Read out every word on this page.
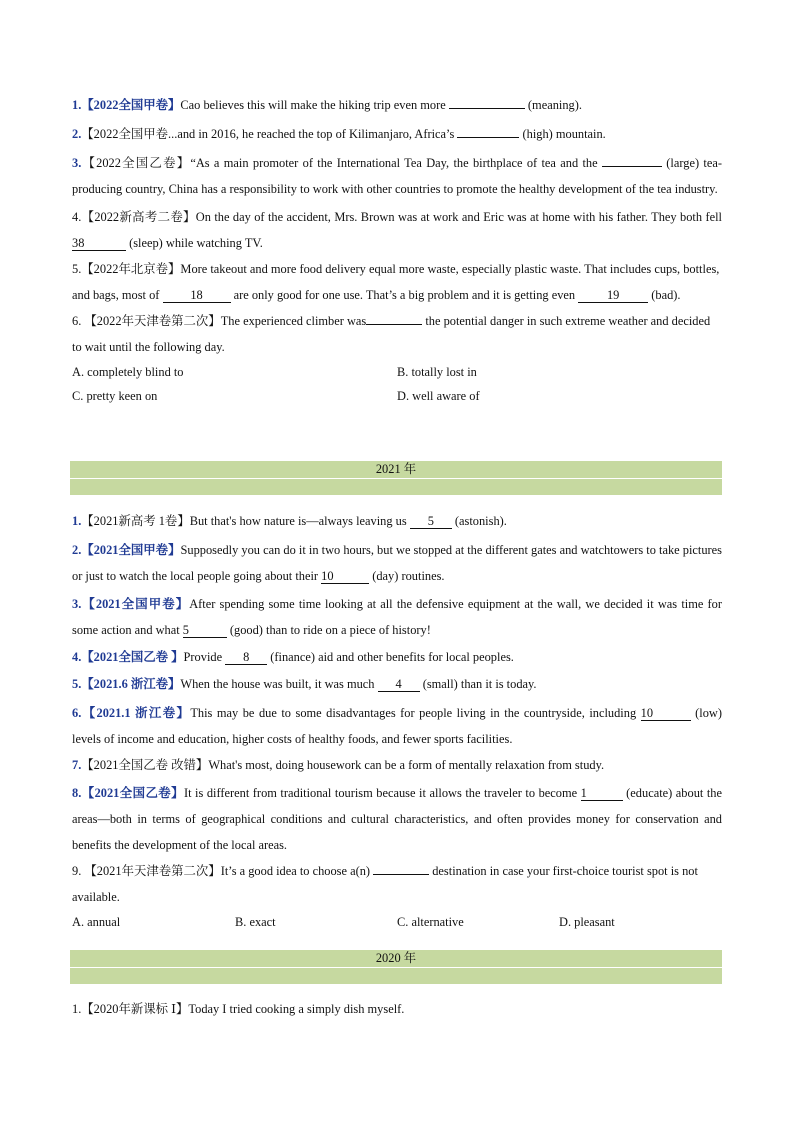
1.【2022全国甲卷】Cao believes this will make the hiking trip even more	(meaning).

2.【2022全国甲卷...and in 2016, he reached the top of Kilimanjaro, Africa’s	(high) mountain.

3.【2022全国乙卷】“As a main promoter of the International Tea Day, the birthplace of tea and the	(large) tea-producing country, China has a responsibility to work with other countries to promote the healthy development of the tea industry.

4.【2022新高考二卷】On the day of the accident, Mrs. Brown was at work and Eric was at home with his father. They both fell 38	(sleep) while watching TV.

5.【2022年北京卷】More takeout and more food delivery equal more waste, especially plastic waste. That includes cups, bottles, and bags, most of 18 are only good for one use. That’s a big problem and it is getting even 19 (bad).

6. 【2022年天津卷第二次】The experienced climber was	the potential danger in such extreme weather and decided to wait until the following day.

A. completely blind to	B. totally lost in
C. pretty keen on	D. well aware of
2021 年

1.【2021新高考 1卷】But that's how nature is—always leaving us 5 (astonish).

2.【2021全国甲卷】Supposedly you can do it in two hours, but we stopped at the different gates and watchtowers to take pictures or just to watch the local people going about their 10	(day) routines.

3.【2021全国甲卷】After spending some time looking at all the defensive equipment at the wall, we decided it was time for some action and what 5	(good) than to ride on a piece of history!

4.【2021全国乙卷 】Provide 8 (finance) aid and other benefits for local peoples.

5.【2021.6 浙江卷】When the house was built, it was much 4 (small) than it is today.

6.【2021.1 浙江卷】This may be due to some disadvantages for people living in the countryside, including 10	(low) levels of income and education, higher costs of healthy foods, and fewer sports facilities.

7.【2021全国乙卷 改错】What's most, doing housework can be a form of mentally relaxation from study.

8.【2021全国乙卷】It is different from traditional tourism because it allows the traveler to become 1	(educate) about the areas—both in terms of geographical conditions and cultural characteristics, and often provides money for conservation and benefits the development of the local areas.

9. 【2021年天津卷第二次】It’s a good idea to choose a(n)	destination in case your first-choice tourist spot is not available.

A. annual	B. exact	C. alternative	D. pleasant
2020 年

1.【2020年新课标 Ⅰ】Today I tried cooking a simply dish myself.
